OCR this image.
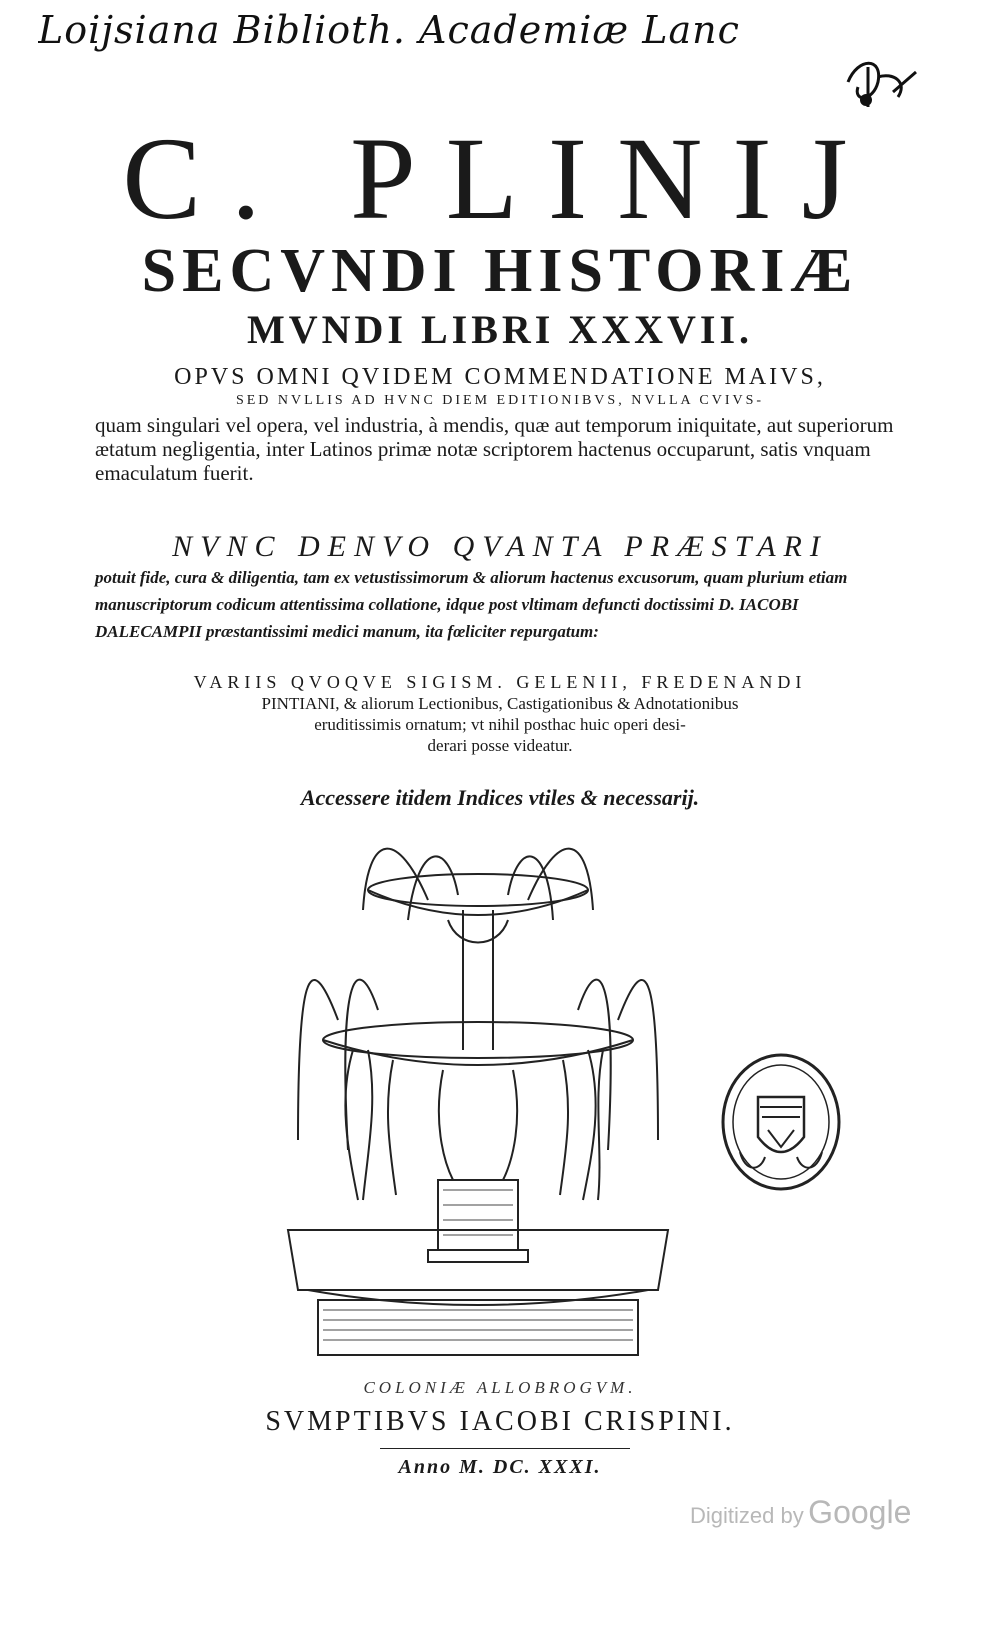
Loijsiana Biblioth. Academiæ Lanc
C. PLINIJ
SECVNDI HISTORIÆ
MVNDI LIBRI XXXVII.
OPVS OMNI QVIDEM COMMENDATIONE MAIVS,
SED NVLLIS AD HVNC DIEM EDITIONIBVS, NVLLA CVIVS-
quam singulari vel opera, vel industria, à mendis, quæ aut temporum iniquitate, aut superiorum ætatum negligentia, inter Latinos primæ notæ scriptorem hactenus occuparunt, satis vnquam emaculatum fuerit.
NVNC DENVO QVANTA PRÆSTARI
potuit fide, cura & diligentia, tam ex vetustissimorum & aliorum hactenus excusorum, quam plurium etiam manuscriptorum codicum attentissima collatione, idque post vltimam defuncti doctissimi D. IACOBI DALECAMPII præstantissimi medici manum, ita fœliciter repurgatum:
VARIIS QVOQVE SIGISM. GELENII, FREDENANDI
PINTIANI, & aliorum Lectionibus, Castigationibus & Adnotationibus
eruditissimis ornatum; vt nihil posthac huic operi desi-
derari posse videatur.
Accessere itidem Indices vtiles & necessarij.
COLONIÆ ALLOBROGVM.
SVMPTIBVS IACOBI CRISPINI.
Anno M. DC. XXXI.
Digitized by Google
